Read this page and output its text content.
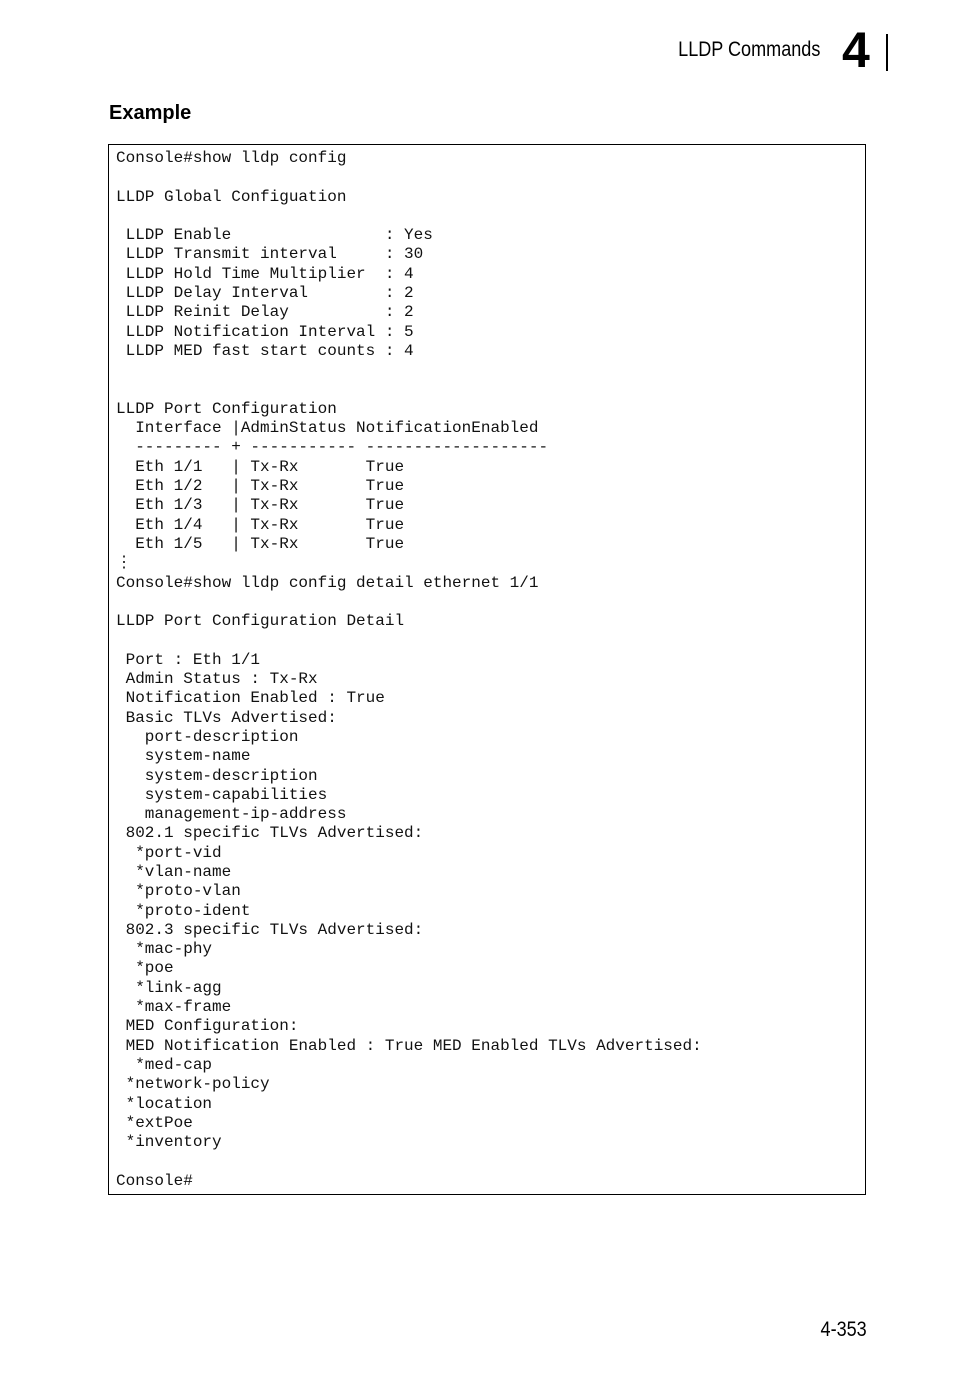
LLDP Commands 4
Example
Console#show lldp config

LLDP Global Configuation

LLDP Enable                : Yes
LLDP Transmit interval     : 30
LLDP Hold Time Multiplier  : 4
LLDP Delay Interval        : 2
LLDP Reinit Delay          : 2
LLDP Notification Interval : 5
LLDP MED fast start counts : 4

LLDP Port Configuration
Interface |AdminStatus NotificationEnabled
--------- + ----------- -------------------
Eth 1/1   | Tx-Rx       True
Eth 1/2   | Tx-Rx       True
Eth 1/3   | Tx-Rx       True
Eth 1/4   | Tx-Rx       True
Eth 1/5   | Tx-Rx       True
⋮
Console#show lldp config detail ethernet 1/1

LLDP Port Configuration Detail

Port : Eth 1/1
Admin Status : Tx-Rx
Notification Enabled : True
Basic TLVs Advertised:
port-description
system-name
system-description
system-capabilities
management-ip-address
802.1 specific TLVs Advertised:
*port-vid
*vlan-name
*proto-vlan
*proto-ident
802.3 specific TLVs Advertised:
*mac-phy
*poe
*link-agg
*max-frame
MED Configuration:
MED Notification Enabled : True MED Enabled TLVs Advertised:
*med-cap
*network-policy
*location
*extPoe
*inventory

Console#
4-353
